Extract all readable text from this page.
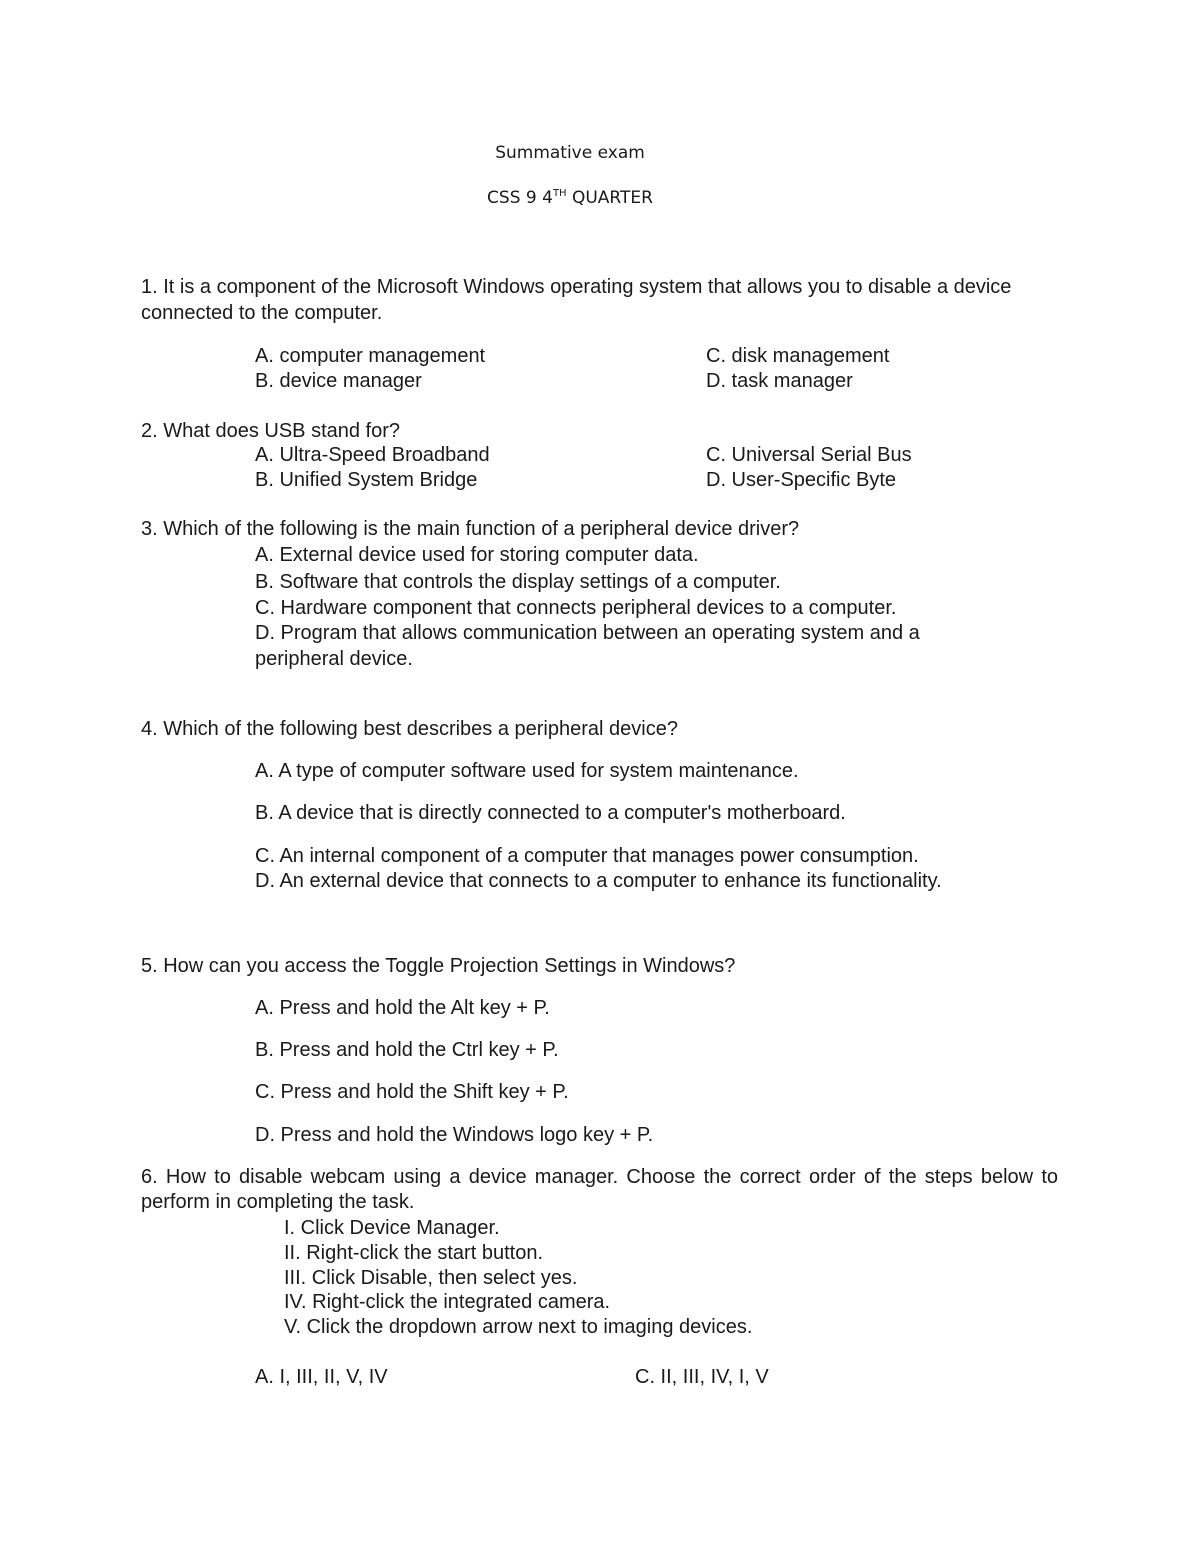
Summative exam
CSS 9 4TH QUARTER
1. It is a component of the Microsoft Windows operating system that allows you to disable a device connected to the computer.
A. computer management
B. device manager
C. disk management
D. task manager
2. What does USB stand for?
A. Ultra-Speed Broadband
B. Unified System Bridge
C. Universal Serial Bus
D. User-Specific Byte
3. Which of the following is the main function of a peripheral device driver?
A. External device used for storing computer data.
B. Software that controls the display settings of a computer.
C. Hardware component that connects peripheral devices to a computer.
D. Program that allows communication between an operating system and a peripheral device.
4. Which of the following best describes a peripheral device?
A. A type of computer software used for system maintenance.
B. A device that is directly connected to a computer's motherboard.
C. An internal component of a computer that manages power consumption.
D. An external device that connects to a computer to enhance its functionality.
5. How can you access the Toggle Projection Settings in Windows?
A. Press and hold the Alt key + P.
B. Press and hold the Ctrl key + P.
C. Press and hold the Shift key + P.
D. Press and hold the Windows logo key + P.
6. How to disable webcam using a device manager. Choose the correct order of the steps below to perform in completing the task.
I. Click Device Manager.
II. Right-click the start button.
III. Click Disable, then select yes.
IV. Right-click the integrated camera.
V. Click the dropdown arrow next to imaging devices.
A. I, III, II, V, IV	C. II, III, IV, I, V
